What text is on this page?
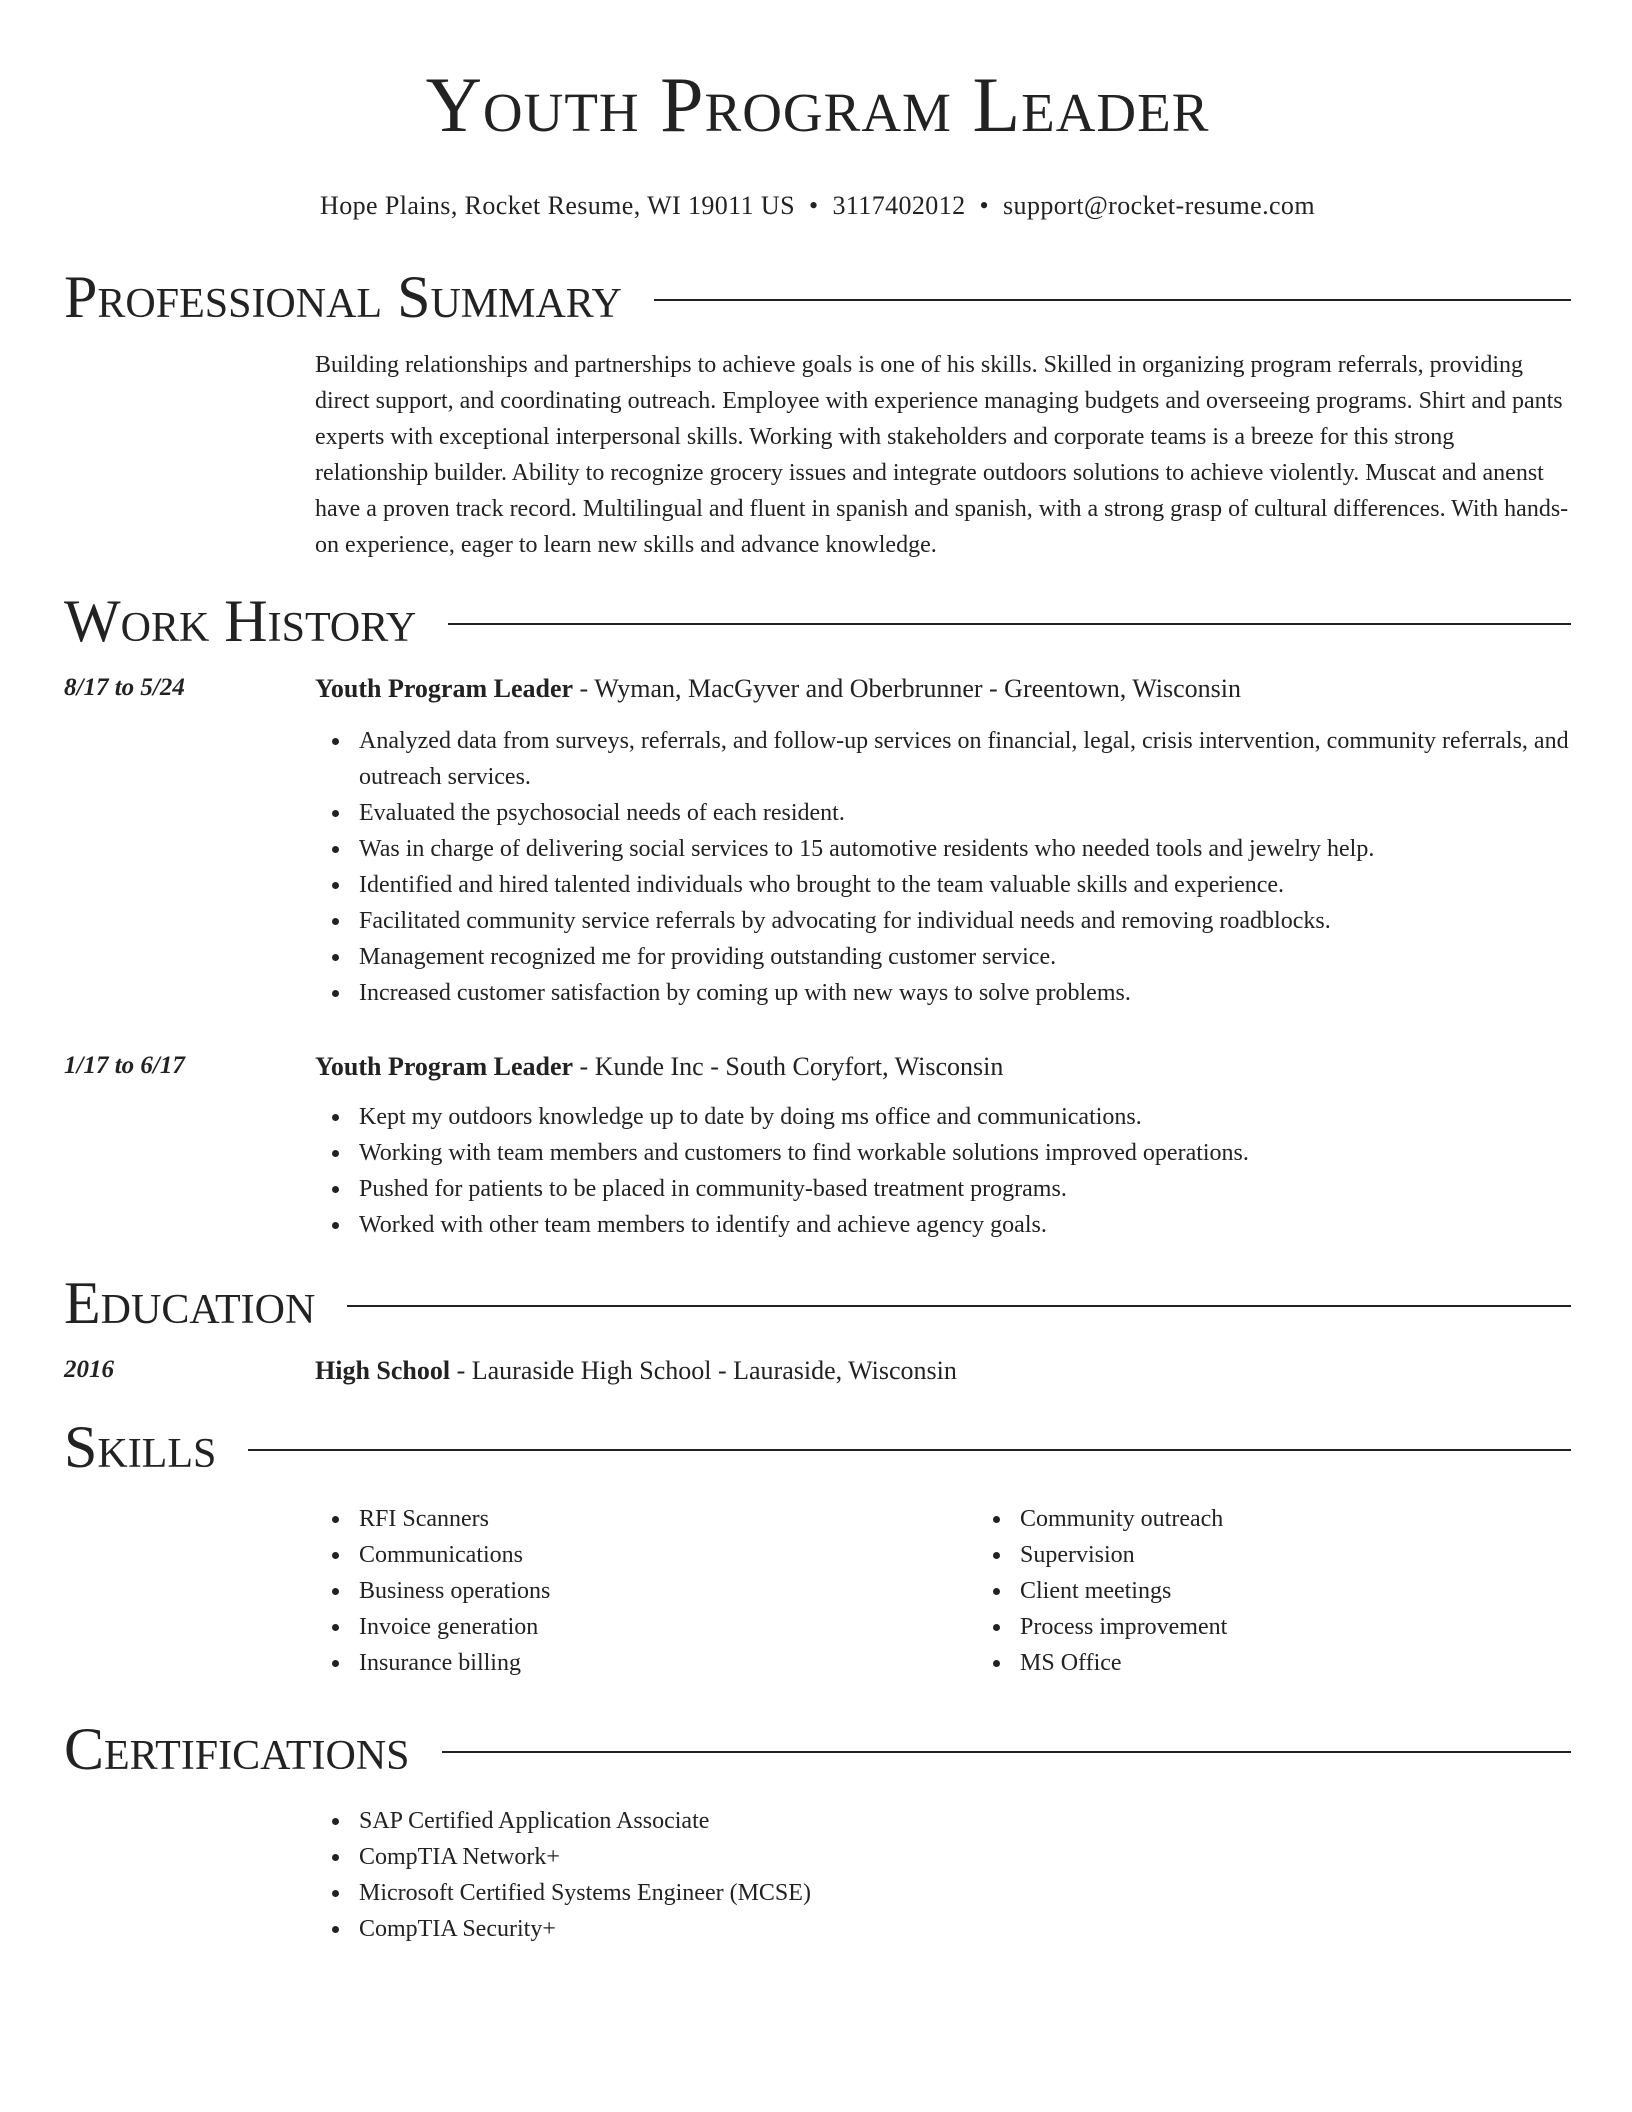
Youth Program Leader
Hope Plains, Rocket Resume, WI 19011 US • 3117402012 • support@rocket-resume.com
Professional Summary
Building relationships and partnerships to achieve goals is one of his skills. Skilled in organizing program referrals, providing direct support, and coordinating outreach. Employee with experience managing budgets and overseeing programs. Shirt and pants experts with exceptional interpersonal skills. Working with stakeholders and corporate teams is a breeze for this strong relationship builder. Ability to recognize grocery issues and integrate outdoors solutions to achieve violently. Muscat and anenst have a proven track record. Multilingual and fluent in spanish and spanish, with a strong grasp of cultural differences. With hands-on experience, eager to learn new skills and advance knowledge.
Work History
8/17 to 5/24	Youth Program Leader - Wyman, MacGyver and Oberbrunner - Greentown, Wisconsin
Analyzed data from surveys, referrals, and follow-up services on financial, legal, crisis intervention, community referrals, and outreach services.
Evaluated the psychosocial needs of each resident.
Was in charge of delivering social services to 15 automotive residents who needed tools and jewelry help.
Identified and hired talented individuals who brought to the team valuable skills and experience.
Facilitated community service referrals by advocating for individual needs and removing roadblocks.
Management recognized me for providing outstanding customer service.
Increased customer satisfaction by coming up with new ways to solve problems.
1/17 to 6/17	Youth Program Leader - Kunde Inc - South Coryfort, Wisconsin
Kept my outdoors knowledge up to date by doing ms office and communications.
Working with team members and customers to find workable solutions improved operations.
Pushed for patients to be placed in community-based treatment programs.
Worked with other team members to identify and achieve agency goals.
Education
2016	High School - Lauraside High School - Lauraside, Wisconsin
Skills
RFI Scanners
Communications
Business operations
Invoice generation
Insurance billing
Community outreach
Supervision
Client meetings
Process improvement
MS Office
Certifications
SAP Certified Application Associate
CompTIA Network+
Microsoft Certified Systems Engineer (MCSE)
CompTIA Security+
